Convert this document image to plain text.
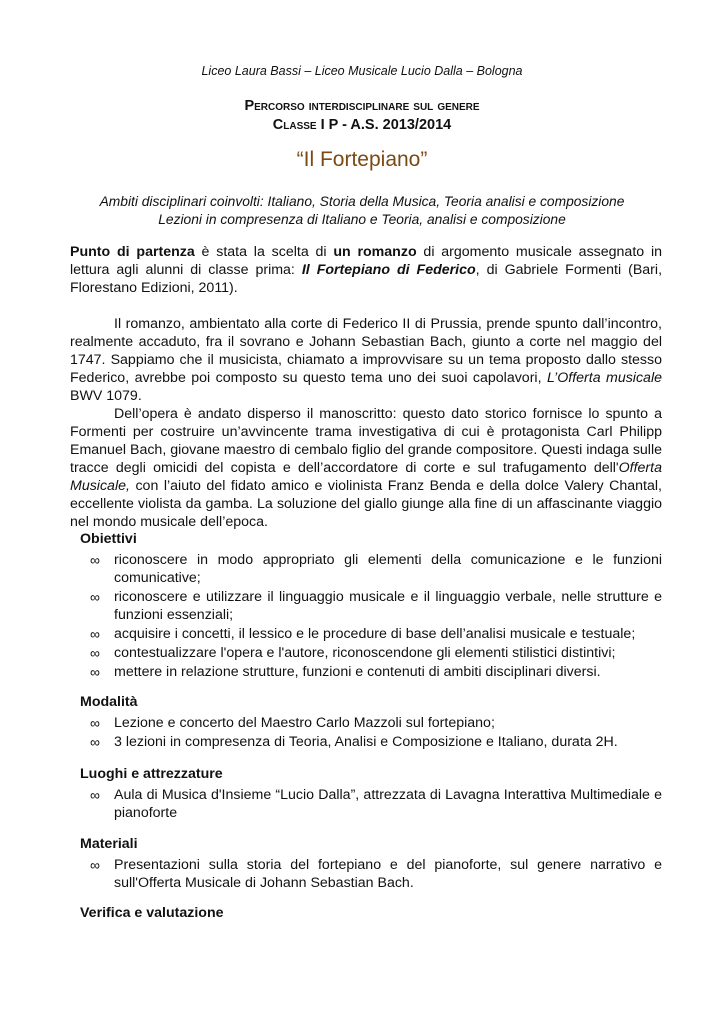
Liceo Laura Bassi – Liceo Musicale Lucio Dalla – Bologna
Percorso interdisciplinare sul genere
Classe I P - A.S. 2013/2014
“Il Fortepiano”
Ambiti disciplinari coinvolti: Italiano, Storia della Musica, Teoria analisi e composizione
Lezioni in compresenza di Italiano e Teoria, analisi e composizione

Punto di partenza è stata la scelta di un romanzo di argomento musicale assegnato in lettura agli alunni di classe prima: Il Fortepiano di Federico, di Gabriele Formenti (Bari, Florestano Edizioni, 2011).

Il romanzo, ambientato alla corte di Federico II di Prussia, prende spunto dall’incontro, realmente accaduto, fra il sovrano e Johann Sebastian Bach, giunto a corte nel maggio del 1747. Sappiamo che il musicista, chiamato a improvvisare su un tema proposto dallo stesso Federico, avrebbe poi composto su questo tema uno dei suoi capolavori, L’Offerta musicale BWV 1079.

Dell’opera è andato disperso il manoscritto: questo dato storico fornisce lo spunto a Formenti per costruire un’avvincente trama investigativa di cui è protagonista Carl Philipp Emanuel Bach, giovane maestro di cembalo figlio del grande compositore. Questi indaga sulle tracce degli omicidi del copista e dell’accordatore di corte e sul trafugamento dell'Offerta Musicale, con l’aiuto del fidato amico e violinista Franz Benda e della dolce Valery Chantal, eccellente violista da gamba. La soluzione del giallo giunge alla fine di un affascinante viaggio nel mondo musicale dell’epoca.

Obiettivi
∞ riconoscere in modo appropriato gli elementi della comunicazione e le funzioni comunicative;
∞ riconoscere e utilizzare il linguaggio musicale e il linguaggio verbale, nelle strutture e funzioni essenziali;
∞ acquisire i concetti, il lessico e le procedure di base dell’analisi musicale e testuale;
∞ contestualizzare l'opera e l'autore, riconoscendone gli elementi stilistici distintivi;
∞ mettere in relazione strutture, funzioni e contenuti di ambiti disciplinari diversi.
Modalità
∞ Lezione e concerto del Maestro Carlo Mazzoli sul fortepiano;
∞ 3 lezioni in compresenza di Teoria, Analisi e Composizione e Italiano, durata 2H.
Luoghi e attrezzature
∞ Aula di Musica d'Insieme “Lucio Dalla”, attrezzata di Lavagna Interattiva Multimediale e pianoforte
Materiali
∞ Presentazioni sulla storia del fortepiano e del pianoforte, sul genere narrativo e sull'Offerta Musicale di Johann Sebastian Bach.
Verifica e valutazione
